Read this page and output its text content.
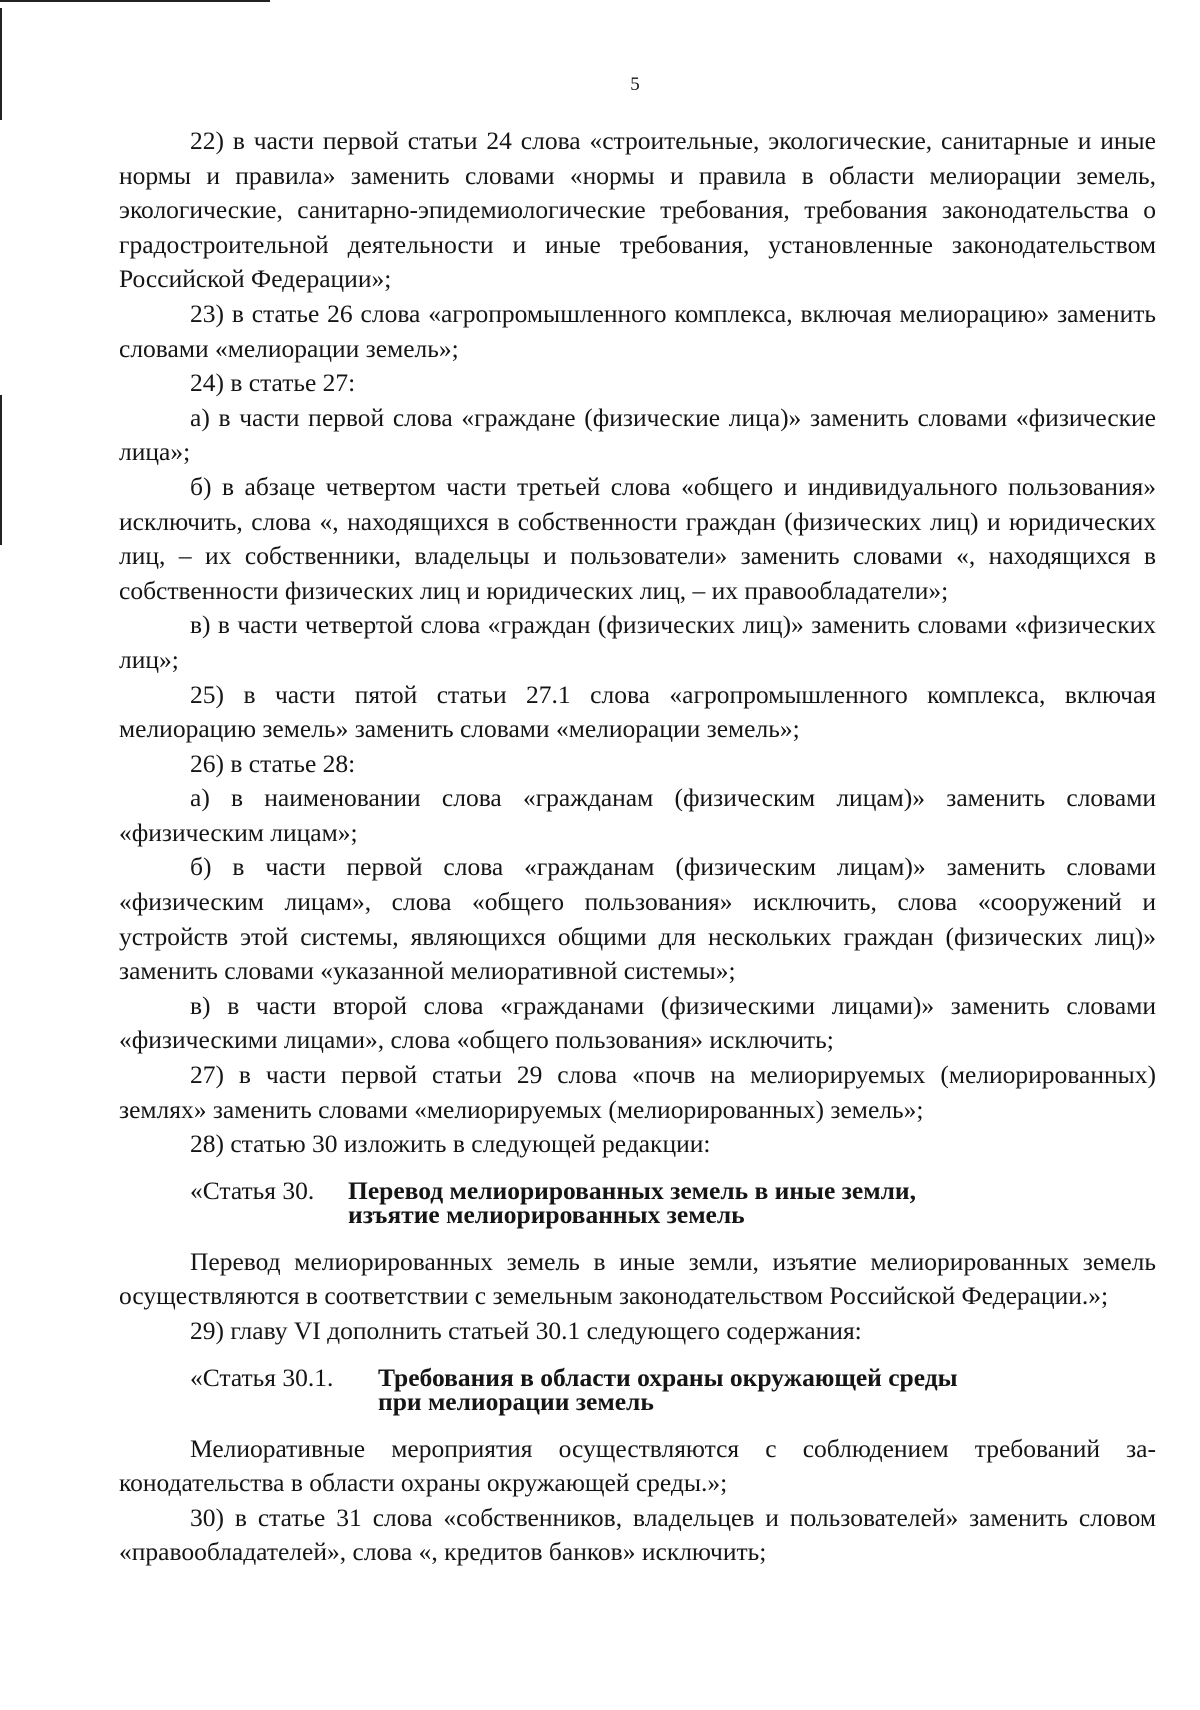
5

22) в части первой статьи 24 слова «строительные, экологические, санитарные и иные нормы и правила» заменить словами «нормы и правила в области мелиорации земель, экологические, санитарно-эпидемиологические требования, требования законодательства о градостроительной деятельности и иные требования, установленные законодательством Российской Федерации»;

23) в статье 26 слова «агропромышленного комплекса, включая мелиорацию» заменить словами «мелиорации земель»;

24) в статье 27:

а) в части первой слова «граждане (физические лица)» заменить словами «физические лица»;

б) в абзаце четвертом части третьей слова «общего и индивидуального пользования» исключить, слова «, находящихся в собственности граждан (физических лиц) и юридических лиц, – их собственники, владельцы и пользователи» заменить словами «, находящихся в собственности физических лиц и юридических лиц, – их правообладатели»;

в) в части четвертой слова «граждан (физических лиц)» заменить словами «физических лиц»;

25) в части пятой статьи 27.1 слова «агропромышленного комплекса, включая мелиорацию земель» заменить словами «мелиорации земель»;

26) в статье 28:

а) в наименовании слова «гражданам (физическим лицам)» заменить словами «физическим лицам»;

б) в части первой слова «гражданам (физическим лицам)» заменить словами «физическим лицам», слова «общего пользования» исключить, слова «сооружений и устройств этой системы, являющихся общими для нескольких граждан (физических лиц)» заменить словами «указанной мелиоративной системы»;

в) в части второй слова «гражданами (физическими лицами)» заменить словами «физическими лицами», слова «общего пользования» исключить;

27) в части первой статьи 29 слова «почв на мелиорируемых (мелиорированных) землях» заменить словами «мелиорируемых (мелиорированных) земель»;

28) статью 30 изложить в следующей редакции:

«Статья 30.	Перевод мелиорированных земель в иные земли,
изъятие мелиорированных земель

Перевод мелиорированных земель в иные земли, изъятие мелиорированных земель осуществляются в соответствии с земельным законодательством Российской Федерации.»;

29) главу VI дополнить статьей 30.1 следующего содержания:

«Статья 30.1.	Требования в области охраны окружающей среды
при мелиорации земель

Мелиоративные мероприятия осуществляются с соблюдением требований законодательства в области охраны окружающей среды.»;

30) в статье 31 слова «собственников, владельцев и пользователей» заменить словом «правообладателей», слова «, кредитов банков» исключить;
